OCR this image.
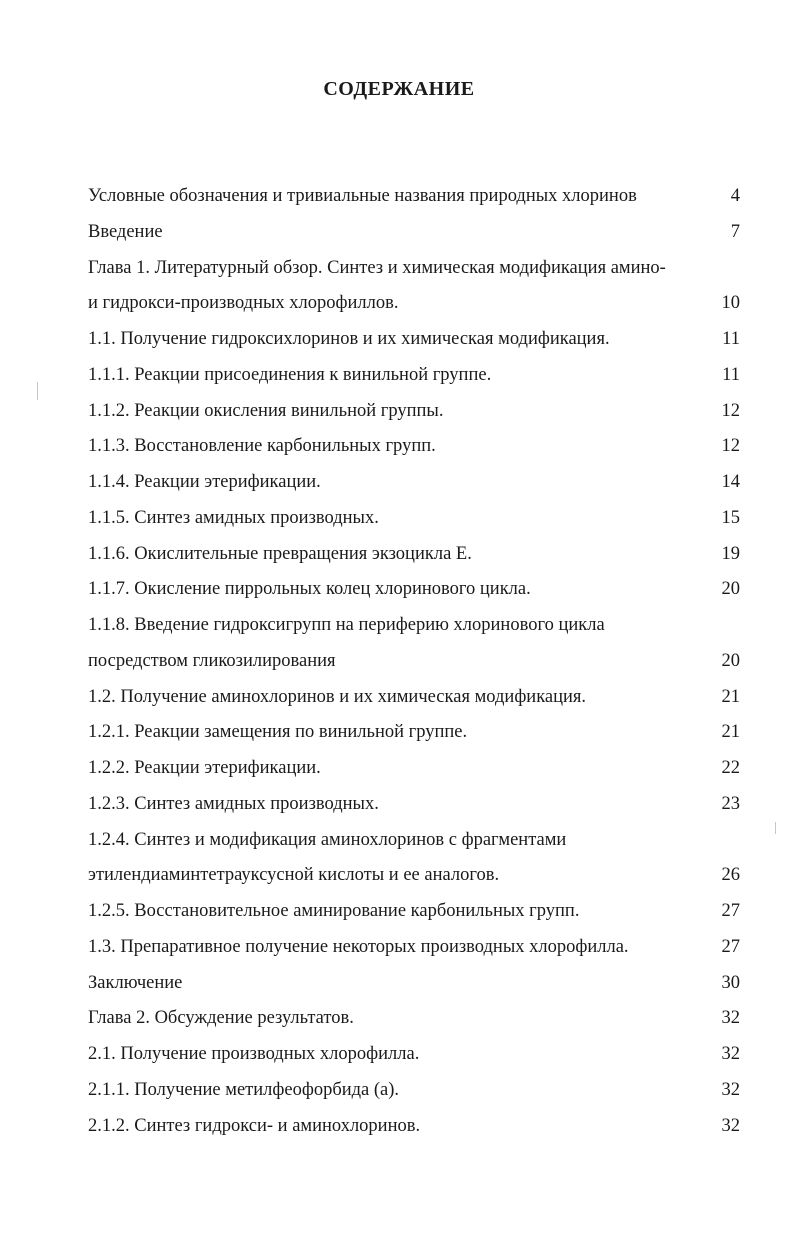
СОДЕРЖАНИЕ
Условные обозначения и тривиальные названия природных хлоринов	4
Введение	7
Глава 1. Литературный обзор. Синтез и химическая модификация амино-
и гидрокси-производных хлорофиллов.	10
1.1. Получение гидроксихлоринов и их химическая модификация.	11
1.1.1. Реакции присоединения к винильной группе.	11
1.1.2. Реакции окисления винильной группы.	12
1.1.3. Восстановление карбонильных групп.	12
1.1.4. Реакции этерификации.	14
1.1.5. Синтез амидных производных.	15
1.1.6. Окислительные превращения экзоцикла E.	19
1.1.7. Окисление пиррольных колец хлоринового цикла.	20
1.1.8. Введение гидроксигрупп на периферию хлоринового цикла
посредством гликозилирования	20
1.2. Получение аминохлоринов и их химическая модификация.	21
1.2.1. Реакции замещения по винильной группе.	21
1.2.2. Реакции этерификации.	22
1.2.3. Синтез амидных производных.	23
1.2.4. Синтез и модификация аминохлоринов с фрагментами
этилендиаминтетрауксусной кислоты и ее аналогов.	26
1.2.5. Восстановительное аминирование карбонильных групп.	27
1.3. Препаративное получение некоторых производных хлорофилла.	27
Заключение	30
Глава 2. Обсуждение результатов.	32
2.1. Получение производных хлорофилла.	32
2.1.1. Получение метилфеофорбида (а).	32
2.1.2. Синтез гидрокси- и аминохлоринов.	32
